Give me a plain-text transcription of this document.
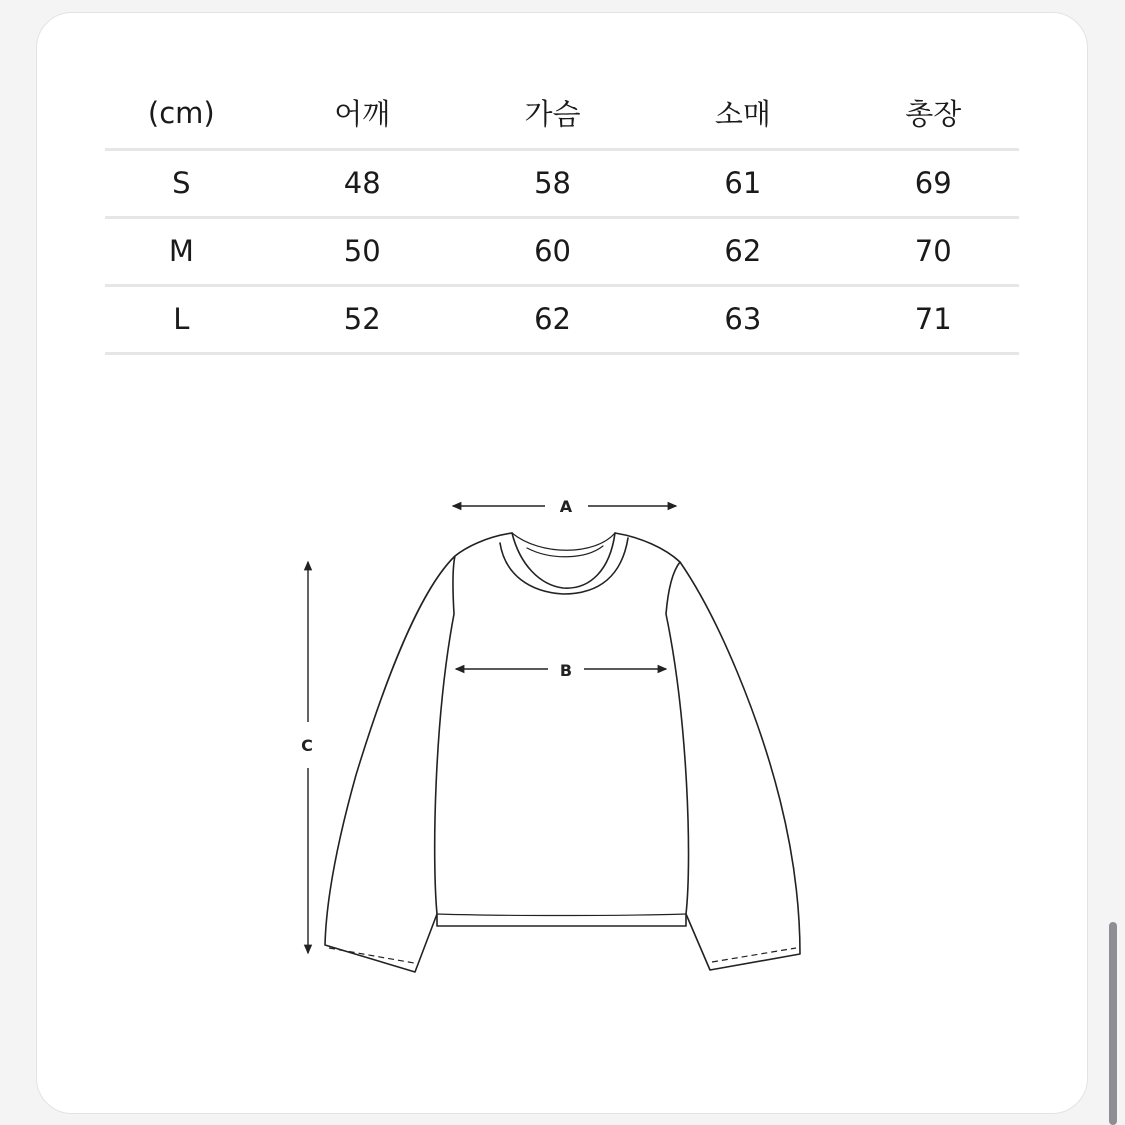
(cm)	어깨	가슴	소매	총장
S	48	58	61	69
M	50	60	62	70
L	52	62	63	71
A
B
C
